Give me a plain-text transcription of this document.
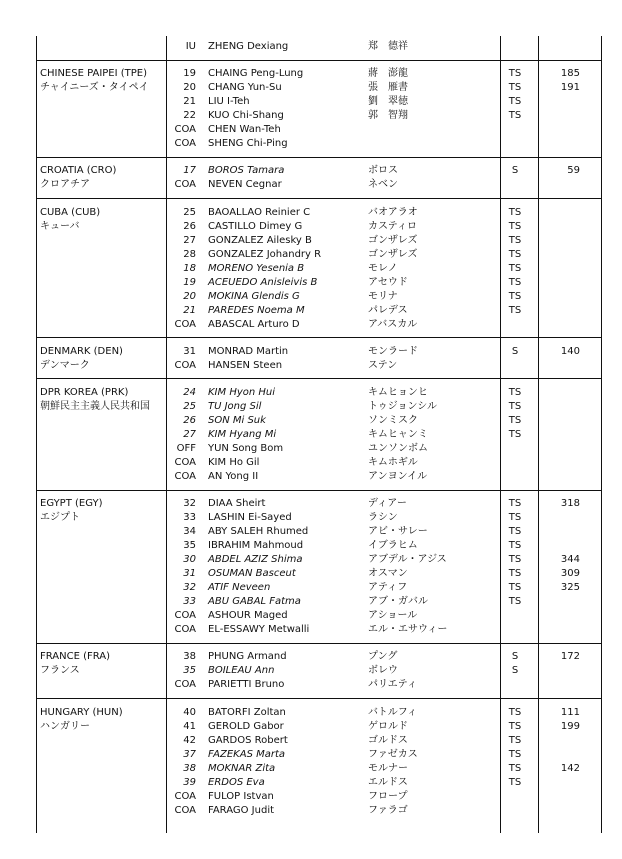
IU ZHENG Dexiang	郑　德祥
CHINESE PAIPEI (TPE)
チャイニーズ・タイペイ
19 CHAING Peng-Lung	蔣　澎龍	TS	185
20 CHANG Yun-Su	張　雁書	TS	191
21 LIU I-Teh	劉　翠徳	TS
22 KUO Chi-Shang	郭　智翔	TS
COA CHEN Wan-Teh
COA SHENG Chi-Ping
CROATIA (CRO)
クロアチア
17 BOROS Tamara	ボロス	S	59
COA NEVEN Cegnar	ネベン
CUBA (CUB)
キューバ
25 BAOALLAO Reinier C	バオアラオ	TS
26 CASTILLO Dimey G	カスティロ	TS
27 GONZALEZ Ailesky B	ゴンザレズ	TS
28 GONZALEZ Johandry R	ゴンザレズ	TS
18 MORENO Yesenia B	モレノ	TS
19 ACEUEDO Anisleivis B	アセウド	TS
20 MOKINA Glendis G	モリナ	TS
21 PAREDES Noema M	パレデス	TS
COA ABASCAL Arturo D	アバスカル
DENMARK (DEN)
デンマーク
31 MONRAD Martin	モンラード	S	140
COA HANSEN Steen	ステン
DPR KOREA (PRK)
朝鮮民主主義人民共和国
24 KIM Hyon Hui	キムヒョンヒ	TS
25 TU Jong Sil	トゥジョンシル	TS
26 SON Mi Suk	ソンミスク	TS
27 KIM Hyang Mi	キムヒャンミ	TS
OFF YUN Song Bom	ユンソンボム
COA KIM Ho Gil	キムホギル
COA AN Yong II	アンヨンイル
EGYPT (EGY)
エジプト
32 DIAA Sheirt	ディアー	TS	318
33 LASHIN Ei-Sayed	ラシン	TS
34 ABY SALEH Rhumed	アビ・サレー	TS
35 IBRAHIM Mahmoud	イブラヒム	TS
30 ABDEL AZIZ Shima	アブデル・アジス	TS	344
31 OSUMAN Basceut	オスマン	TS	309
32 ATIF Neveen	アティフ	TS	325
33 ABU GABAL Fatma	アブ・ガバル	TS
COA ASHOUR Maged	アショール
COA EL-ESSAWY Metwalli	エル・エサウィー
FRANCE (FRA)
フランス
38 PHUNG Armand	プング	S	172
35 BOILEAU Ann	ボレウ	S
COA PARIETTI Bruno	パリエティ
HUNGARY (HUN)
ハンガリー
40 BATORFI Zoltan	バトルフィ	TS	111
41 GEROLD Gabor	ゲロルド	TS	199
42 GARDOS Robert	ゴルドス	TS
37 FAZEKAS Marta	ファゼカス	TS
38 MOKNAR Zita	モルナー	TS	142
39 ERDOS Eva	エルドス	TS
COA FULOP Istvan	フロープ
COA FARAGO Judit	ファラゴ
